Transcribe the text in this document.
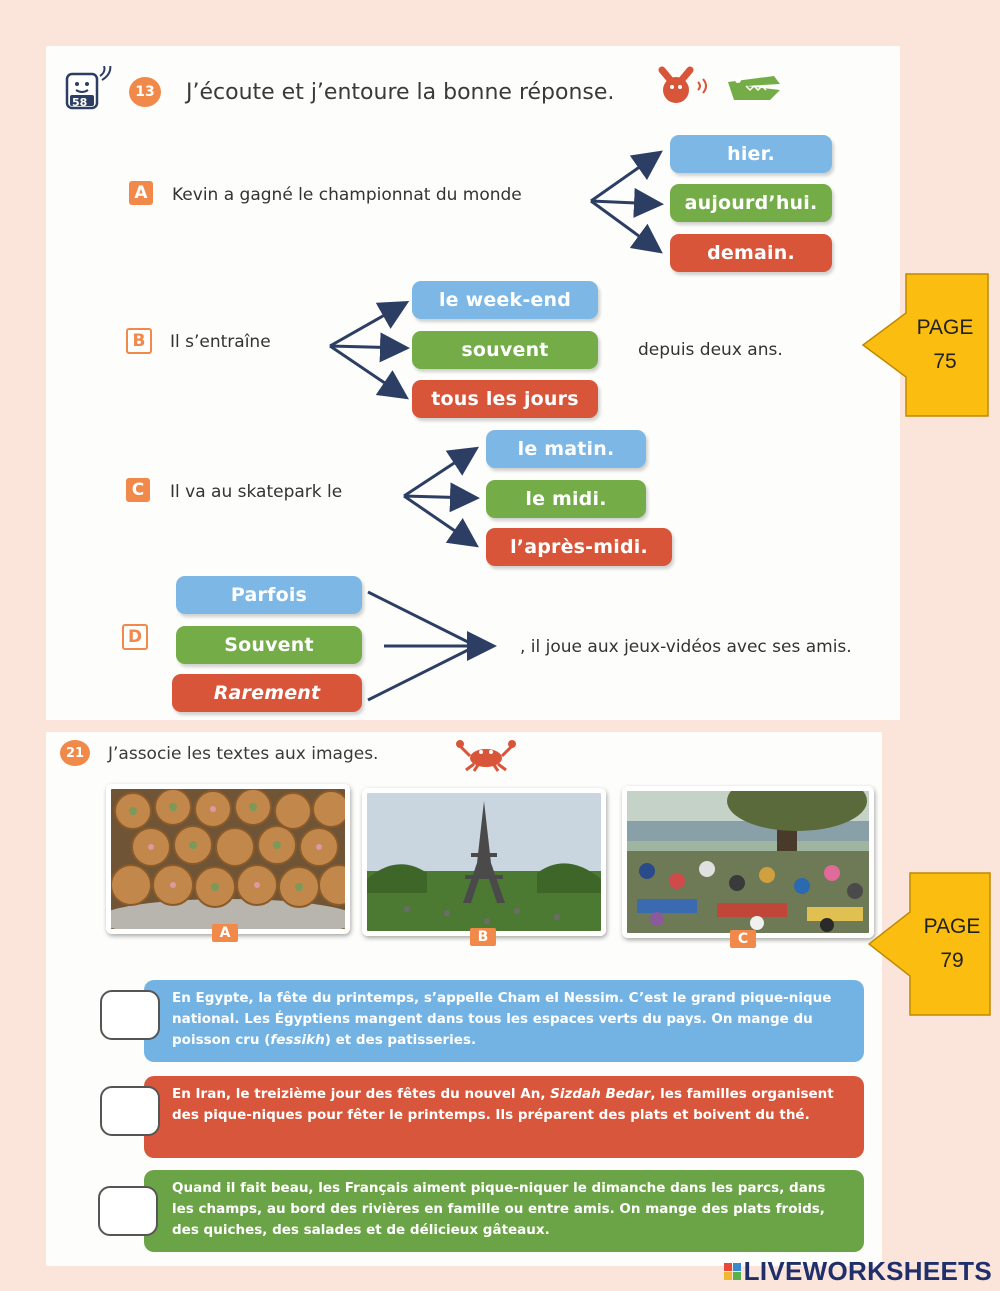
58
13 J’écoute et j’entoure la bonne réponse.
A	Kevin a gagné le championnat du monde
hier.
aujourd’hui.
demain.
B	Il s’entraîne
le week-end
souvent
tous les jours
depuis deux ans.
C	Il va au skatepark le
le matin.
le midi.
l’après-midi.
D
Parfois
Souvent
Rarement
, il joue aux jeux-vidéos avec ses amis.
PAGE
75
21	J’associe les textes aux images.
A	B	C
En Egypte, la fête du printemps, s’appelle Cham el Nessim. C’est le grand pique-nique national. Les Égyptiens mangent dans tous les espaces verts du pays. On mange du poisson cru (fessikh) et des patisseries.
En Iran, le treizième jour des fêtes du nouvel An, Sizdah Bedar, les familles organisent des pique-niques pour fêter le printemps. Ils préparent des plats et boivent du thé.
Quand il fait beau, les Français aiment pique-niquer le dimanche dans les parcs, dans les champs, au bord des rivières en famille ou entre amis. On mange des plats froids, des quiches, des salades et de délicieux gâteaux.
PAGE
79
LIVEWORKSHEETS
